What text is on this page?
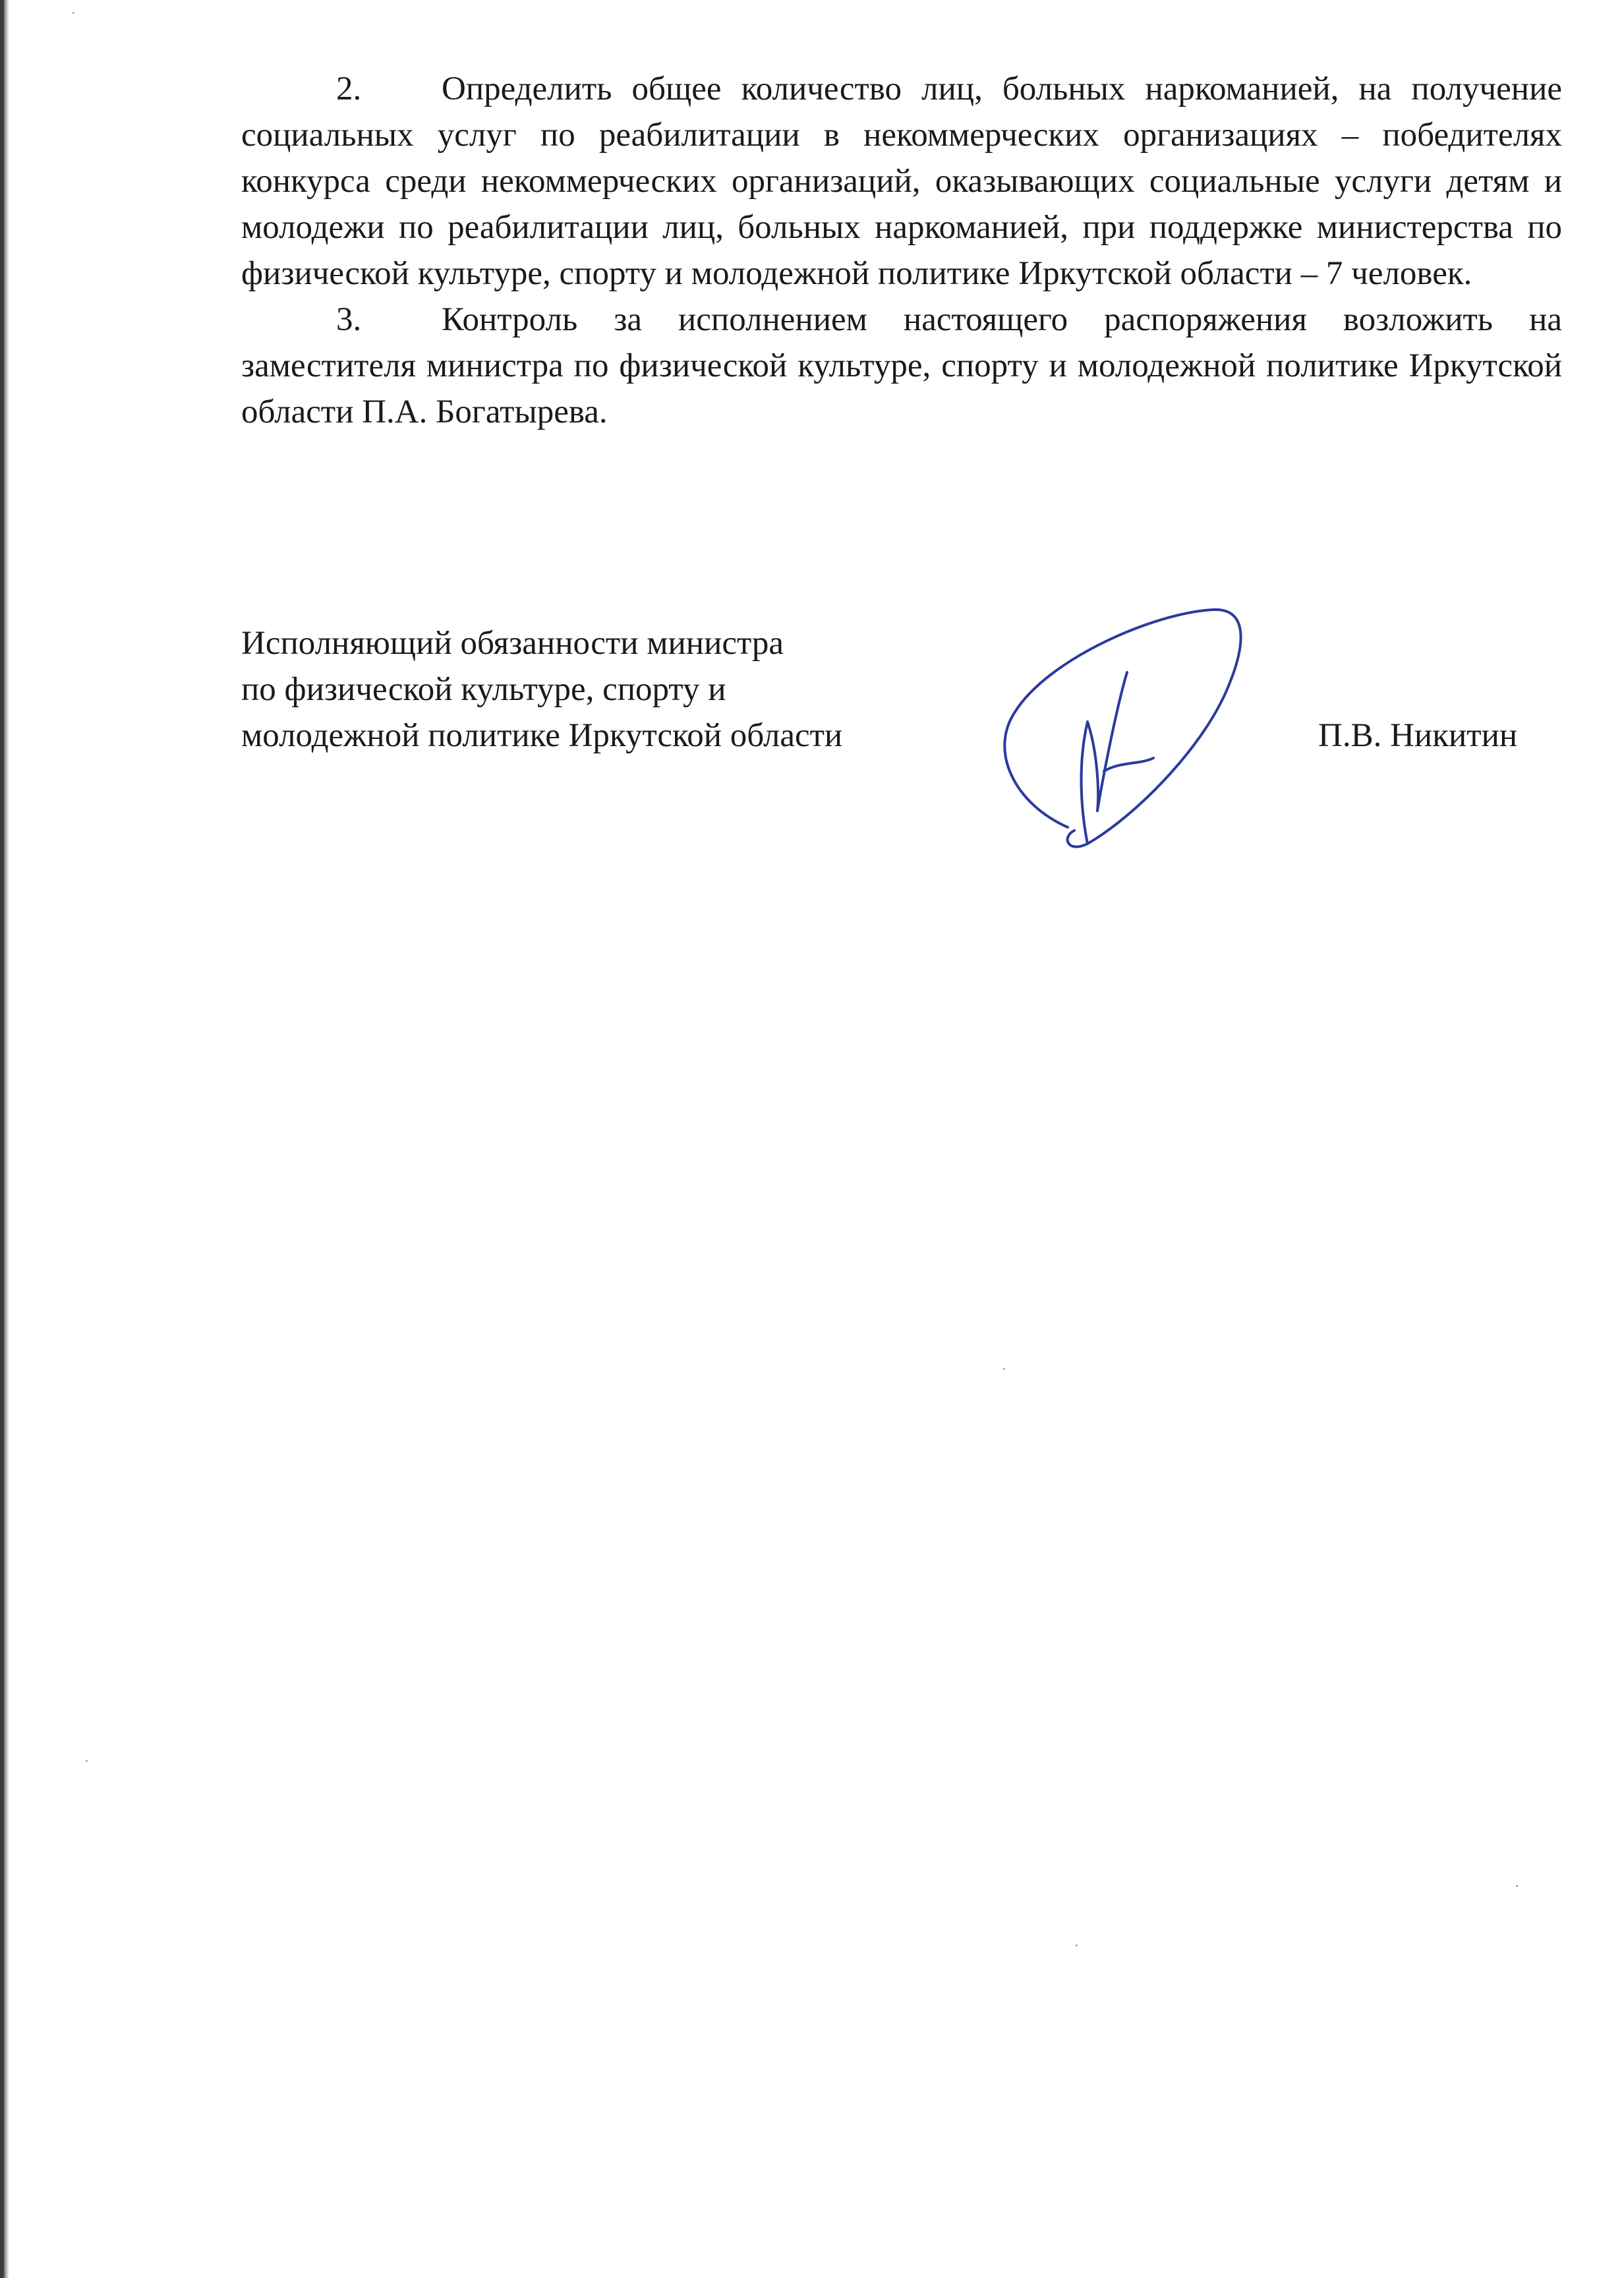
2. Определить общее количество лиц, больных наркоманией, на получение социальных услуг по реабилитации в некоммерческих организациях – победителях конкурса среди некоммерческих организаций, оказывающих социальные услуги детям и молодежи по реабилитации лиц, больных наркоманией, при поддержке министерства по физической культуре, спорту и молодежной политике Иркутской области – 7 человек.

3. Контроль за исполнением настоящего распоряжения возложить на заместителя министра по физической культуре, спорту и молодежной политике Иркутской области П.А. Богатырева.

Исполняющий обязанности министра
по физической культуре, спорту и
молодежной политике Иркутской области	П.В. Никитин
